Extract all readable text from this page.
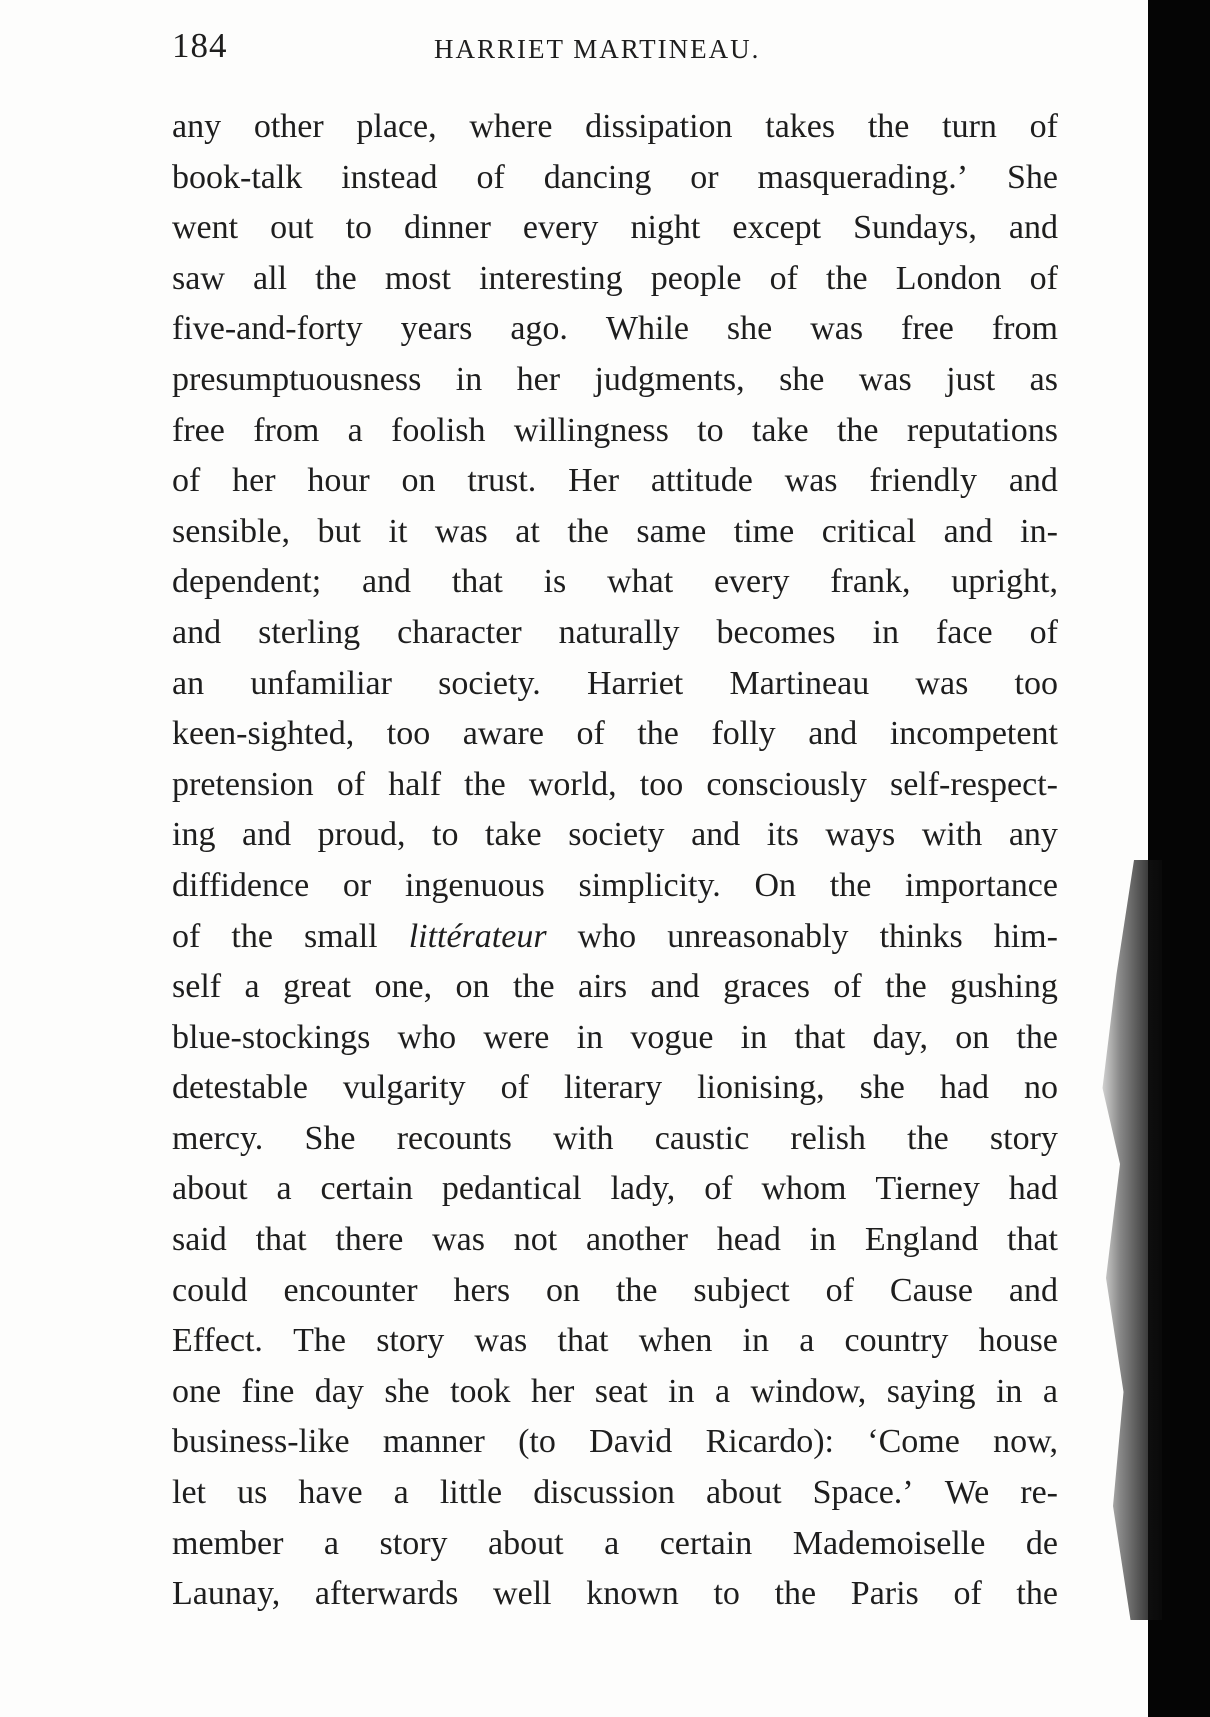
184	HARRIET MARTINEAU.
any other place, where dissipation takes the turn of
book-talk instead of dancing or masquerading.’ She
went out to dinner every night except Sundays, and
saw all the most interesting people of the London of
five-and-forty years ago. While she was free from
presumptuousness in her judgments, she was just as
free from a foolish willingness to take the reputations
of her hour on trust. Her attitude was friendly and
sensible, but it was at the same time critical and in-
dependent; and that is what every frank, upright,
and sterling character naturally becomes in face of
an unfamiliar society. Harriet Martineau was too
keen-sighted, too aware of the folly and incompetent
pretension of half the world, too consciously self-respect-
ing and proud, to take society and its ways with any
diffidence or ingenuous simplicity. On the importance
of the small littérateur who unreasonably thinks him-
self a great one, on the airs and graces of the gushing
blue-stockings who were in vogue in that day, on the
detestable vulgarity of literary lionising, she had no
mercy. She recounts with caustic relish the story
about a certain pedantical lady, of whom Tierney had
said that there was not another head in England that
could encounter hers on the subject of Cause and
Effect. The story was that when in a country house
one fine day she took her seat in a window, saying in a
business-like manner (to David Ricardo): ‘Come now,
let us have a little discussion about Space.’ We re-
member a story about a certain Mademoiselle de
Launay, afterwards well known to the Paris of the
